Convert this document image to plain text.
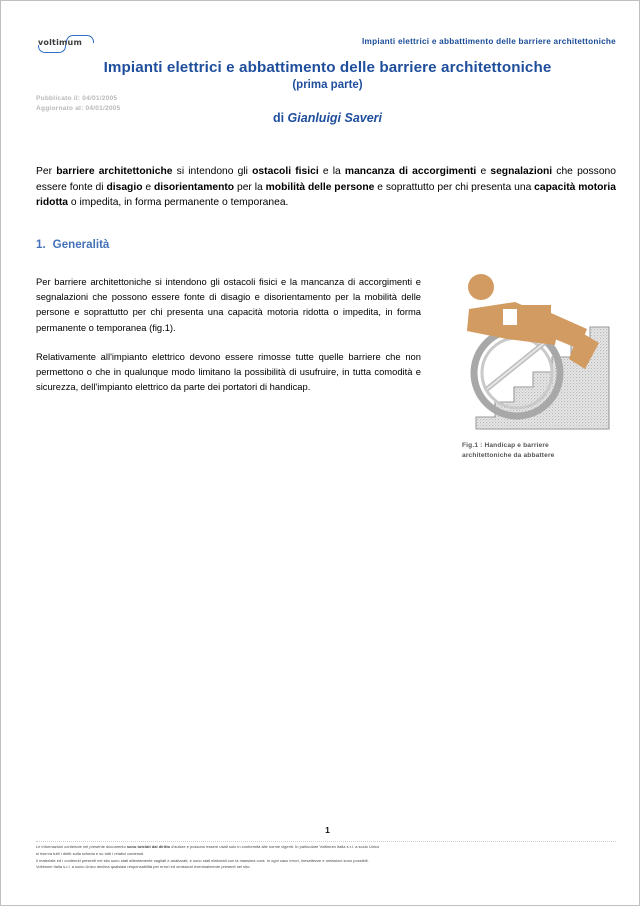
voltimum	Impianti elettrici e abbattimento delle barriere architettoniche
Impianti elettrici e abbattimento delle barriere architettoniche
(prima parte)
Pubblicato il: 04/01/2005
Aggiornato al: 04/01/2005
di Gianluigi Saveri
Per barriere architettoniche si intendono gli ostacoli fisici e la mancanza di accorgimenti e segnalazioni che possono essere fonte di disagio e disorientamento per la mobilità delle persone e soprattutto per chi presenta una capacità motoria ridotta o impedita, in forma permanente o temporanea.
1. Generalità

Per barriere architettoniche si intendono gli ostacoli fisici e la mancanza di accorgimenti e segnalazioni che possono essere fonte di disagio e disorientamento per la mobilità delle persone e soprattutto per chi presenta una capacità motoria ridotta o impedita, in forma permanente o temporanea (fig.1).

Relativamente all'impianto elettrico devono essere rimosse tutte quelle barriere che non permettono o che in qualunque modo limitano la possibilità di usufruire, in tutta comodità e sicurezza, dell'impianto elettrico da parte dei portatori di handicap.

Fig.1 : Handicap e barriere
architettoniche da abbattere
1
Le informazioni contenute nel presente documento sono tutelati dal diritto d'autore e possono essere usati solo in conformità alle norme vigenti. In particolare Voltimum Italia s.r.l. a socio Unico
si riserva tutti i diritti sulla scheda e su tutti i relativi contenuti.
Il materiale ed i contenuti presenti nel sito sono stati attentamente vagliati e analizzati, e sono stati elaborati con la massima cura. In ogni caso errori, inesattezze e omissioni sono possibili.
Voltimum Italia s.r.l. a socio Unico declina qualsiasi responsabilità per errori ed omissioni eventualmente presenti nel sito.
